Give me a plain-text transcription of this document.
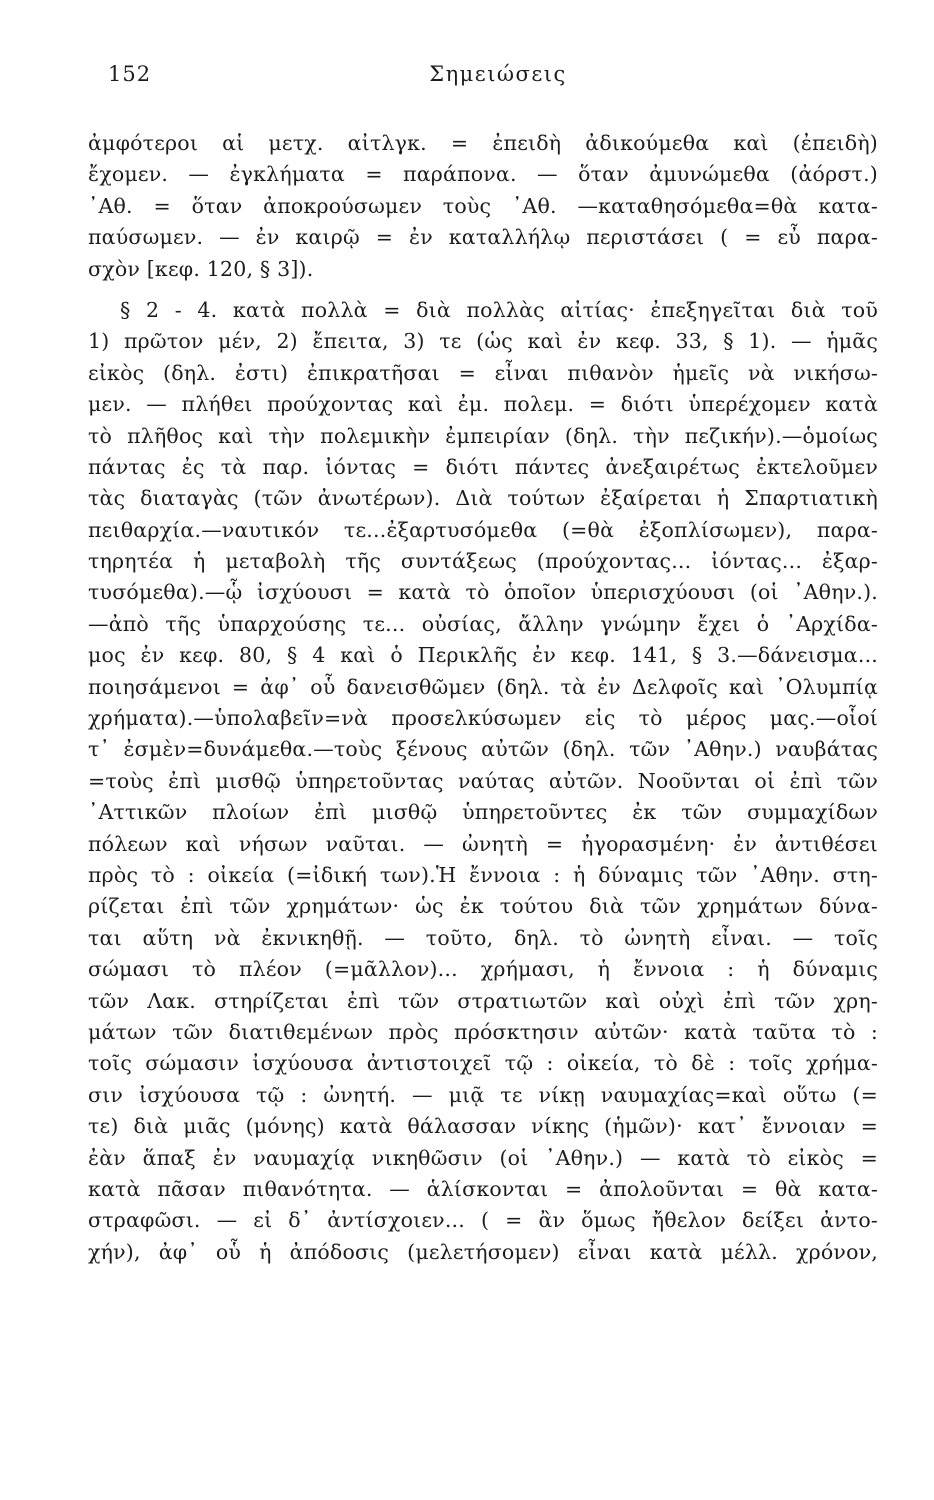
152	Σημειώσεις
ἀμφότεροι αἱ μετχ. αἰτλγκ. = ἐπειδὴ ἀδικούμεθα καὶ (ἐπειδὴ)
ἔχομεν. — ἐγκλήματα = παράπονα. — ὅταν ἀμυνώμεθα (ἀόρστ.)
᾿Αθ. = ὅταν ἀποκρούσωμεν τοὺς ᾿Αθ. —καταθησόμεθα=θὰ κατα-
παύσωμεν. — ἐν καιρῷ = ἐν καταλλήλῳ περιστάσει ( = εὖ παρα-
σχὸν [κεφ. 120, § 3]).
§ 2 - 4. κατὰ πολλὰ = διὰ πολλὰς αἰτίας· ἐπεξηγεῖται διὰ τοῦ
1) πρῶτον μέν, 2) ἔπειτα, 3) τε (ὡς καὶ ἐν κεφ. 33, § 1). — ἡμᾶς
εἰκὸς (δηλ. ἐστι) ἐπικρατῆσαι = εἶναι πιθανὸν ἡμεῖς νὰ νικήσω-
μεν. — πλήθει προύχοντας καὶ ἐμ. πολεμ. = διότι ὑπερέχομεν κατὰ
τὸ πλῆθος καὶ τὴν πολεμικὴν ἐμπειρίαν (δηλ. τὴν πεζικήν).—ὁμοίως
πάντας ἐς τὰ παρ. ἰόντας = διότι πάντες ἀνεξαιρέτως ἐκτελοῦμεν
τὰς διαταγὰς (τῶν ἀνωτέρων). Διὰ τούτων ἐξαίρεται ἡ Σπαρτιατικὴ
πειθαρχία.—ναυτικόν τε...ἐξαρτυσόμεθα (=θὰ ἐξοπλίσωμεν), παρα-
τηρητέα ἡ μεταβολὴ τῆς συντάξεως (προύχοντας... ἰόντας... ἐξαρ-
τυσόμεθα).—ᾧ ἰσχύουσι = κατὰ τὸ ὁποῖον ὑπερισχύουσι (οἱ ᾿Αθην.).
—ἀπὸ τῆς ὑπαρχούσης τε... οὐσίας, ἄλλην γνώμην ἔχει ὁ ᾿Αρχίδα-
μος ἐν κεφ. 80, § 4 καὶ ὁ Περικλῆς ἐν κεφ. 141, § 3.—δάνεισμα...
ποιησάμενοι = ἀφ᾿ οὗ δανεισθῶμεν (δηλ. τὰ ἐν Δελφοῖς καὶ ᾿Ολυμπίᾳ
χρήματα).—ὑπολαβεῖν=νὰ προσελκύσωμεν εἰς τὸ μέρος μας.—οἷοί
τ᾿ ἐσμὲν=δυνάμεθα.—τοὺς ξένους αὐτῶν (δηλ. τῶν ᾿Αθην.) ναυβάτας
=τοὺς ἐπὶ μισθῷ ὑπηρετοῦντας ναύτας αὐτῶν. Νοοῦνται οἱ ἐπὶ τῶν
᾿Αττικῶν πλοίων ἐπὶ μισθῷ ὑπηρετοῦντες ἐκ τῶν συμμαχίδων
πόλεων καὶ νήσων ναῦται. — ὠνητὴ = ἠγορασμένη· ἐν ἀντιθέσει
πρὸς τὸ : οἰκεία (=ἰδική των).Ἡ ἔννοια : ἡ δύναμις τῶν ᾿Αθην. στη-
ρίζεται ἐπὶ τῶν χρημάτων· ὡς ἐκ τούτου διὰ τῶν χρημάτων δύνα-
ται αὕτη νὰ ἐκνικηθῇ. — τοῦτο, δηλ. τὸ ὠνητὴ εἶναι. — τοῖς
σώμασι τὸ πλέον (=μᾶλλον)... χρήμασι, ἡ ἔννοια : ἡ δύναμις
τῶν Λακ. στηρίζεται ἐπὶ τῶν στρατιωτῶν καὶ οὐχὶ ἐπὶ τῶν χρη-
μάτων τῶν διατιθεμένων πρὸς πρόσκτησιν αὐτῶν· κατὰ ταῦτα τὸ :
τοῖς σώμασιν ἰσχύουσα ἀντιστοιχεῖ τῷ : οἰκεία, τὸ δὲ : τοῖς χρήμα-
σιν ἰσχύουσα τῷ : ὠνητή. — μιᾷ τε νίκῃ ναυμαχίας=καὶ οὕτω (=
τε) διὰ μιᾶς (μόνης) κατὰ θάλασσαν νίκης (ἡμῶν)· κατ᾿ ἔννοιαν =
ἐὰν ἅπαξ ἐν ναυμαχίᾳ νικηθῶσιν (οἱ ᾿Αθην.) — κατὰ τὸ εἰκὸς =
κατὰ πᾶσαν πιθανότητα. — ἁλίσκονται = ἀπολοῦνται = θὰ κατα-
στραφῶσι. — εἰ δ᾿ ἀντίσχοιεν... ( = ἂν ὅμως ἤθελον δείξει ἀντο-
χήν), ἀφ᾿ οὗ ἡ ἀπόδοσις (μελετήσομεν) εἶναι κατὰ μέλλ. χρόνον,
